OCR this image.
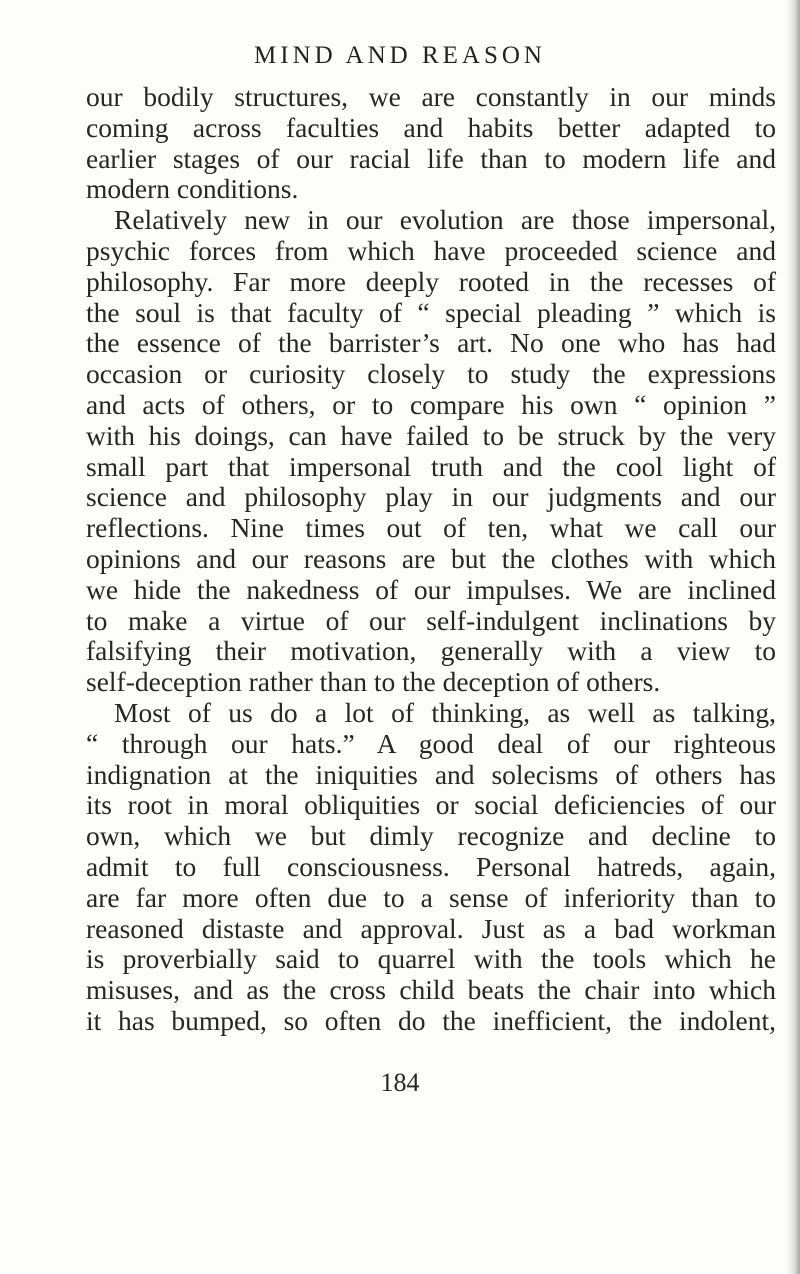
MIND AND REASON
our bodily structures, we are constantly in our minds
coming across faculties and habits better adapted to
earlier stages of our racial life than to modern life and
modern conditions.
Relatively new in our evolution are those impersonal,
psychic forces from which have proceeded science and
philosophy. Far more deeply rooted in the recesses of
the soul is that faculty of “ special pleading ” which is
the essence of the barrister’s art. No one who has had
occasion or curiosity closely to study the expressions
and acts of others, or to compare his own “ opinion ”
with his doings, can have failed to be struck by the very
small part that impersonal truth and the cool light of
science and philosophy play in our judgments and our
reflections. Nine times out of ten, what we call our
opinions and our reasons are but the clothes with which
we hide the nakedness of our impulses. We are inclined
to make a virtue of our self-indulgent inclinations by
falsifying their motivation, generally with a view to
self-deception rather than to the deception of others.
Most of us do a lot of thinking, as well as talking,
“ through our hats.” A good deal of our righteous
indignation at the iniquities and solecisms of others has
its root in moral obliquities or social deficiencies of our
own, which we but dimly recognize and decline to
admit to full consciousness. Personal hatreds, again,
are far more often due to a sense of inferiority than to
reasoned distaste and approval. Just as a bad workman
is proverbially said to quarrel with the tools which he
misuses, and as the cross child beats the chair into which
it has bumped, so often do the inefficient, the indolent,
184
